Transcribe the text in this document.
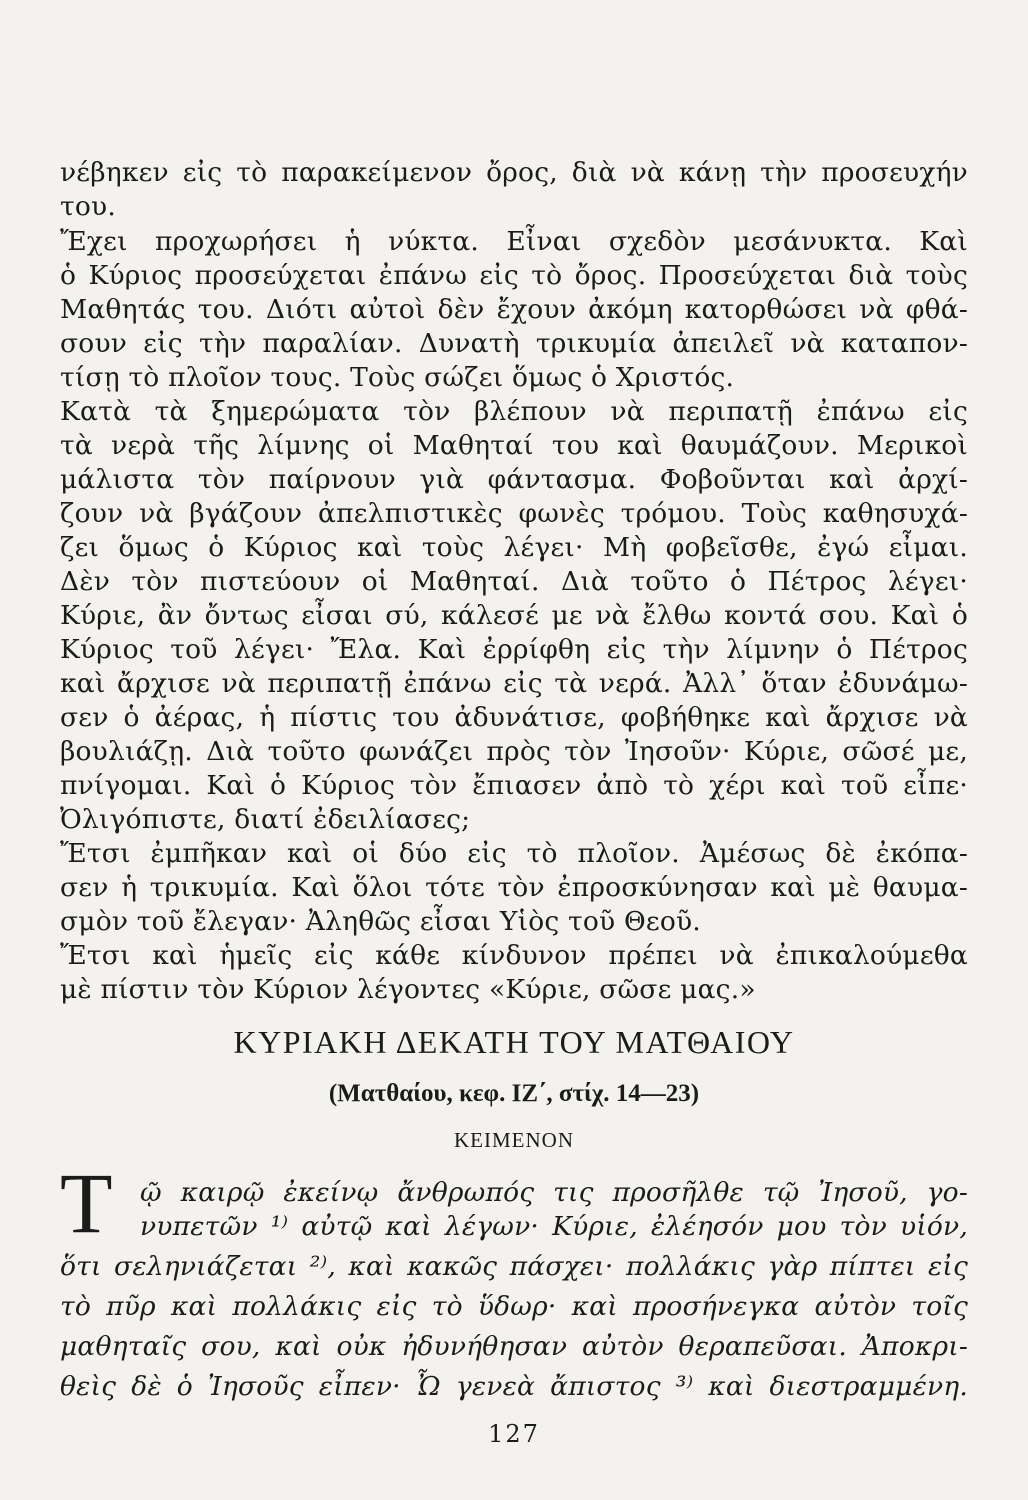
νέβηκεν εἰς τὸ παρακείμενον ὄρος, διὰ νὰ κάνῃ τὴν προσευχήν
του.
Ἔχει προχωρήσει ἡ νύκτα. Εἶναι σχεδὸν μεσάνυκτα. Καὶ
ὁ Κύριος προσεύχεται ἐπάνω εἰς τὸ ὄρος. Προσεύχεται διὰ τοὺς
Μαθητάς του. Διότι αὐτοὶ δὲν ἔχουν ἀκόμη κατορθώσει νὰ φθά-
σουν εἰς τὴν παραλίαν. Δυνατὴ τρικυμία ἀπειλεῖ νὰ καταπον-
τίσῃ τὸ πλοῖον τους. Τοὺς σώζει ὅμως ὁ Χριστός.
Κατὰ τὰ ξημερώματα τὸν βλέπουν νὰ περιπατῇ ἐπάνω εἰς
τὰ νερὰ τῆς λίμνης οἱ Μαθηταί του καὶ θαυμάζουν. Μερικοὶ
μάλιστα τὸν παίρνουν γιὰ φάντασμα. Φοβοῦνται καὶ ἀρχί-
ζουν νὰ βγάζουν ἀπελπιστικὲς φωνὲς τρόμου. Τοὺς καθησυχά-
ζει ὅμως ὁ Κύριος καὶ τοὺς λέγει· Μὴ φοβεῖσθε, ἐγώ εἶμαι.
Δὲν τὸν πιστεύουν οἱ Μαθηταί. Διὰ τοῦτο ὁ Πέτρος λέγει·
Κύριε, ἂν ὄντως εἶσαι σύ, κάλεσέ με νὰ ἔλθω κοντά σου. Καὶ ὁ
Κύριος τοῦ λέγει· Ἔλα. Καὶ ἐρρίφθη εἰς τὴν λίμνην ὁ Πέτρος
καὶ ἄρχισε νὰ περιπατῇ ἐπάνω εἰς τὰ νερά. Ἀλλ᾿ ὅταν ἐδυνάμω-
σεν ὁ ἀέρας, ἡ πίστις του ἀδυνάτισε, φοβήθηκε καὶ ἄρχισε νὰ
βουλιάζῃ. Διὰ τοῦτο φωνάζει πρὸς τὸν Ἰησοῦν· Κύριε, σῶσέ με,
πνίγομαι. Καὶ ὁ Κύριος τὸν ἔπιασεν ἀπὸ τὸ χέρι καὶ τοῦ εἶπε·
Ὀλιγόπιστε, διατί ἐδειλίασες;
Ἔτσι ἐμπῆκαν καὶ οἱ δύο εἰς τὸ πλοῖον. Ἀμέσως δὲ ἐκόπα-
σεν ἡ τρικυμία. Καὶ ὅλοι τότε τὸν ἐπροσκύνησαν καὶ μὲ θαυμα-
σμὸν τοῦ ἔλεγαν· Ἀληθῶς εἶσαι Υἱὸς τοῦ Θεοῦ.
Ἔτσι καὶ ἡμεῖς εἰς κάθε κίνδυνον πρέπει νὰ ἐπικαλούμεθα
μὲ πίστιν τὸν Κύριον λέγοντες «Κύριε, σῶσε μας.»
ΚΥΡΙΑΚΗ ΔΕΚΑΤΗ ΤΟΥ ΜΑΤΘΑΙΟΥ
(Ματθαίου, κεφ. ΙΖ΄, στίχ. 14—23)
ΚΕΙΜΕΝΟΝ
Τ ῷ καιρῷ ἐκείνῳ ἄνθρωπός τις προσῆλθε τῷ Ἰησοῦ, γο-
νυπετῶν ¹⁾ αὐτῷ καὶ λέγων· Κύριε, ἐλέησόν μου τὸν υἱόν,
ὅτι σεληνιάζεται ²⁾, καὶ κακῶς πάσχει· πολλάκις γὰρ πίπτει εἰς
τὸ πῦρ καὶ πολλάκις εἰς τὸ ὕδωρ· καὶ προσήνεγκα αὐτὸν τοῖς
μαθηταῖς σου, καὶ οὐκ ἠδυνήθησαν αὐτὸν θεραπεῦσαι. Ἀποκρι-
θεὶς δὲ ὁ Ἰησοῦς εἶπεν· Ὦ γενεὰ ἄπιστος ³⁾ καὶ διεστραμμένη.
127
